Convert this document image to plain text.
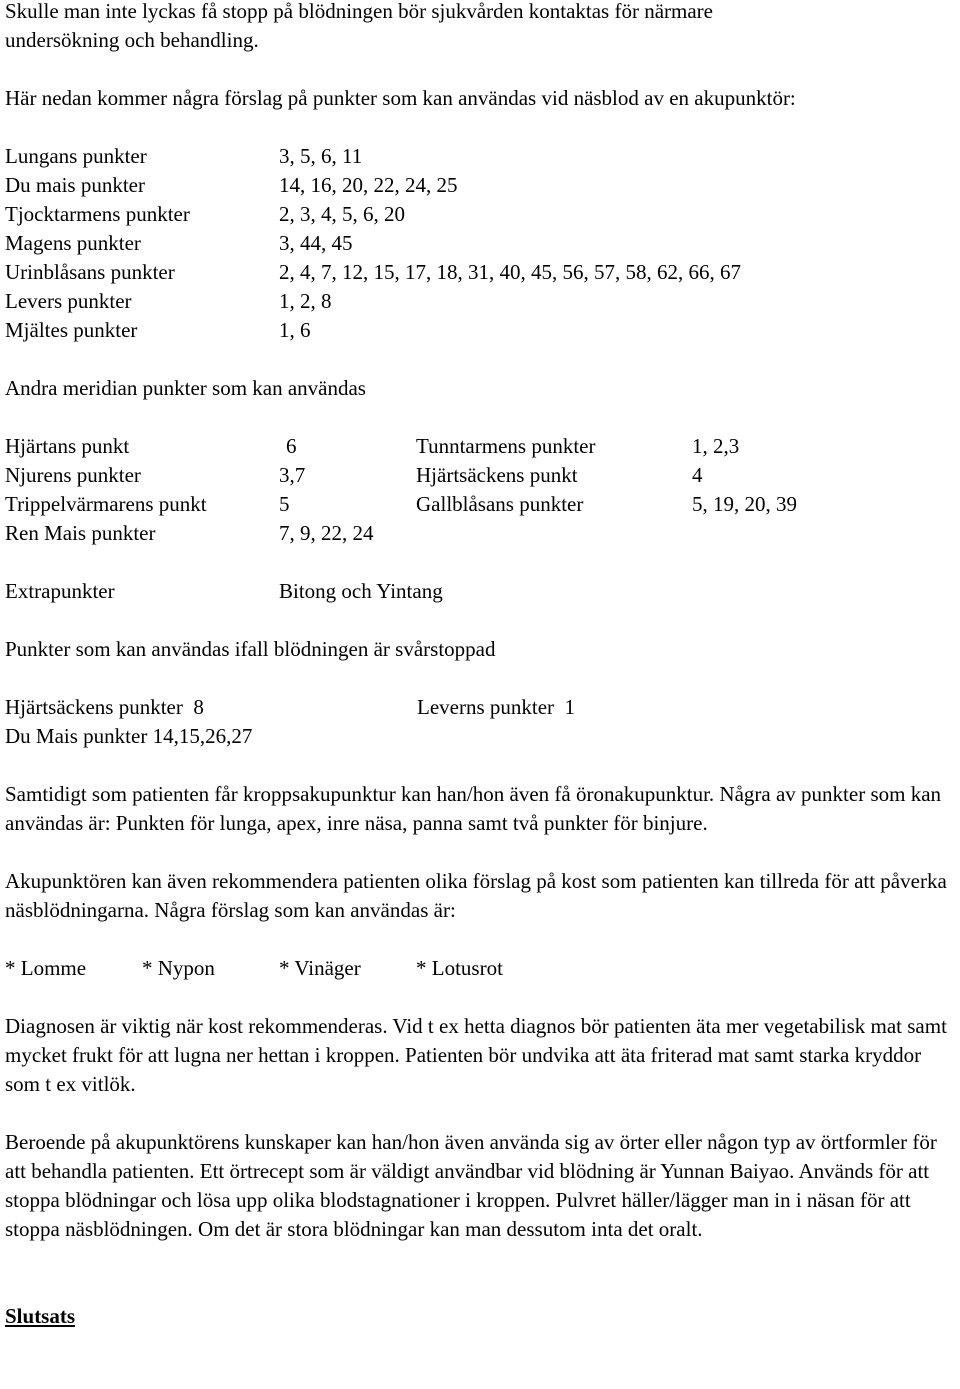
Skulle man inte lyckas få stopp på blödningen bör sjukvården kontaktas för närmare

undersökning och behandling.

Här nedan kommer några förslag på punkter som kan användas vid näsblod av en akupunktör:

Lungans punkter	3, 5, 6, 11
Du mais punkter	14, 16, 20, 22, 24, 25
Tjocktarmens punkter	2, 3, 4, 5, 6, 20
Magens punkter	3, 44, 45
Urinblåsans punkter	2, 4, 7, 12, 15, 17, 18, 31, 40, 45, 56, 57, 58, 62, 66, 67
Levers punkter	1, 2, 8
Mjältes punkter	1, 6

Andra meridian punkter som kan användas

Hjärtans punkt	6	Tunntarmens punkter	1, 2,3
Njurens punkter	3,7	Hjärtsäckens punkt	4
Trippelvärmarens punkt	5	Gallblåsans punkter	5, 19, 20, 39
Ren Mais punkter	7, 9, 22, 24
Extrapunkter	Bitong och Yintang

Punkter som kan användas ifall blödningen är svårstoppad

Hjärtsäckens punkter  8	Leverns punkter  1
Du Mais punkter 14,15,26,27

Samtidigt som patienten får kroppsakupunktur kan han/hon även få öronakupunktur. Några av punkter som kan användas är: Punkten för lunga, apex, inre näsa, panna samt två punkter för binjure.

Akupunktören kan även rekommendera patienten olika förslag på kost som patienten kan tillreda för att påverka näsblödningarna. Några förslag som kan användas är:

* Lomme	* Nypon	* Vinäger	* Lotusrot

Diagnosen är viktig när kost rekommenderas. Vid t ex hetta diagnos bör patienten äta mer vegetabilisk mat samt mycket frukt för att lugna ner hettan i kroppen. Patienten bör undvika att äta friterad mat samt starka kryddor som t ex vitlök.

Beroende på akupunktörens kunskaper kan han/hon även använda sig av örter eller någon typ av örtformler för att behandla patienten. Ett örtrecept som är väldigt användbar vid blödning är Yunnan Baiyao. Används för att stoppa blödningar och lösa upp olika blodstagnationer i kroppen. Pulvret häller/lägger man in i näsan för att stoppa näsblödningen. Om det är stora blödningar kan man dessutom inta det oralt.

Slutsats
